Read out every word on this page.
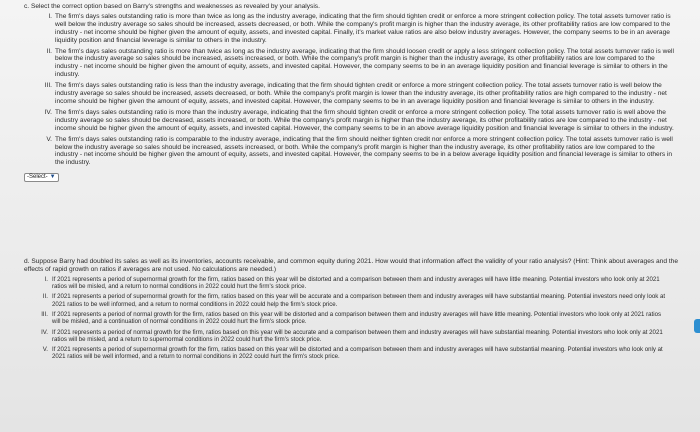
c. Select the correct option based on Barry's strengths and weaknesses as revealed by your analysis.

I. The firm's days sales outstanding ratio is more than twice as long as the industry average, indicating that the firm should tighten credit or enforce a more stringent collection policy. The total assets turnover ratio is well below the industry average so sales should be increased, assets decreased, or both. While the company's profit margin is higher than the industry average, its other profitability ratios are low compared to the industry - net income should be higher given the amount of equity, assets, and invested capital. Finally, it's market value ratios are also below industry averages. However, the company seems to be in an average liquidity position and financial leverage is similar to others in the industry.
II. The firm's days sales outstanding ratio is more than twice as long as the industry average, indicating that the firm should loosen credit or apply a less stringent collection policy. The total assets turnover ratio is well below the industry average so sales should be increased, assets increased, or both. While the company's profit margin is higher than the industry average, its other profitability ratios are low compared to the industry - net income should be higher given the amount of equity, assets, and invested capital. However, the company seems to be in an average liquidity position and financial leverage is similar to others in the industry.
III. The firm's days sales outstanding ratio is less than the industry average, indicating that the firm should tighten credit or enforce a more stringent collection policy. The total assets turnover ratio is well below the industry average so sales should be increased, assets decreased, or both. While the company's profit margin is lower than the industry average, its other profitability ratios are high compared to the industry - net income should be higher given the amount of equity, assets, and invested capital. However, the company seems to be in an average liquidity position and financial leverage is similar to others in the industry.
IV. The firm's days sales outstanding ratio is more than the industry average, indicating that the firm should tighten credit or enforce a more stringent collection policy. The total assets turnover ratio is well above the industry average so sales should be decreased, assets increased, or both. While the company's profit margin is higher than the industry average, its other profitability ratios are low compared to the industry - net income should be higher given the amount of equity, assets, and invested capital. However, the company seems to be in an above average liquidity position and financial leverage is similar to others in the industry.
V. The firm's days sales outstanding ratio is comparable to the industry average, indicating that the firm should neither tighten credit nor enforce a more stringent collection policy. The total assets turnover ratio is well below the industry average so sales should be increased, assets increased, or both. While the company's profit margin is higher than the industry average, its other profitability ratios are low compared to the industry - net income should be higher given the amount of equity, assets, and invested capital. However, the company seems to be in a below average liquidity position and financial leverage is similar to others in the industry.
-Select- ▼

d. Suppose Barry had doubled its sales as well as its inventories, accounts receivable, and common equity during 2021. How would that information affect the validity of your ratio analysis? (Hint: Think about averages and the effects of rapid growth on ratios if averages are not used. No calculations are needed.)

I. If 2021 represents a period of supernormal growth for the firm, ratios based on this year will be distorted and a comparison between them and industry averages will have little meaning. Potential investors who look only at 2021 ratios will be misled, and a return to normal conditions in 2022 could hurt the firm's stock price.
II. If 2021 represents a period of supernormal growth for the firm, ratios based on this year will be accurate and a comparison between them and industry averages will have substantial meaning. Potential investors need only look at 2021 ratios to be well informed, and a return to normal conditions in 2022 could help the firm's stock price.
III. If 2021 represents a period of normal growth for the firm, ratios based on this year will be distorted and a comparison between them and industry averages will have little meaning. Potential investors who look only at 2021 ratios will be misled, and a continuation of normal conditions in 2022 could hurt the firm's stock price.
IV. If 2021 represents a period of normal growth for the firm, ratios based on this year will be accurate and a comparison between them and industry averages will have substantial meaning. Potential investors who look only at 2021 ratios will be misled, and a return to supernormal conditions in 2022 could hurt the firm's stock price.
V. If 2021 represents a period of supernormal growth for the firm, ratios based on this year will be distorted and a comparison between them and industry averages will have substantial meaning. Potential investors who look only at 2021 ratios will be well informed, and a return to normal conditions in 2022 could hurt the firm's stock price.
